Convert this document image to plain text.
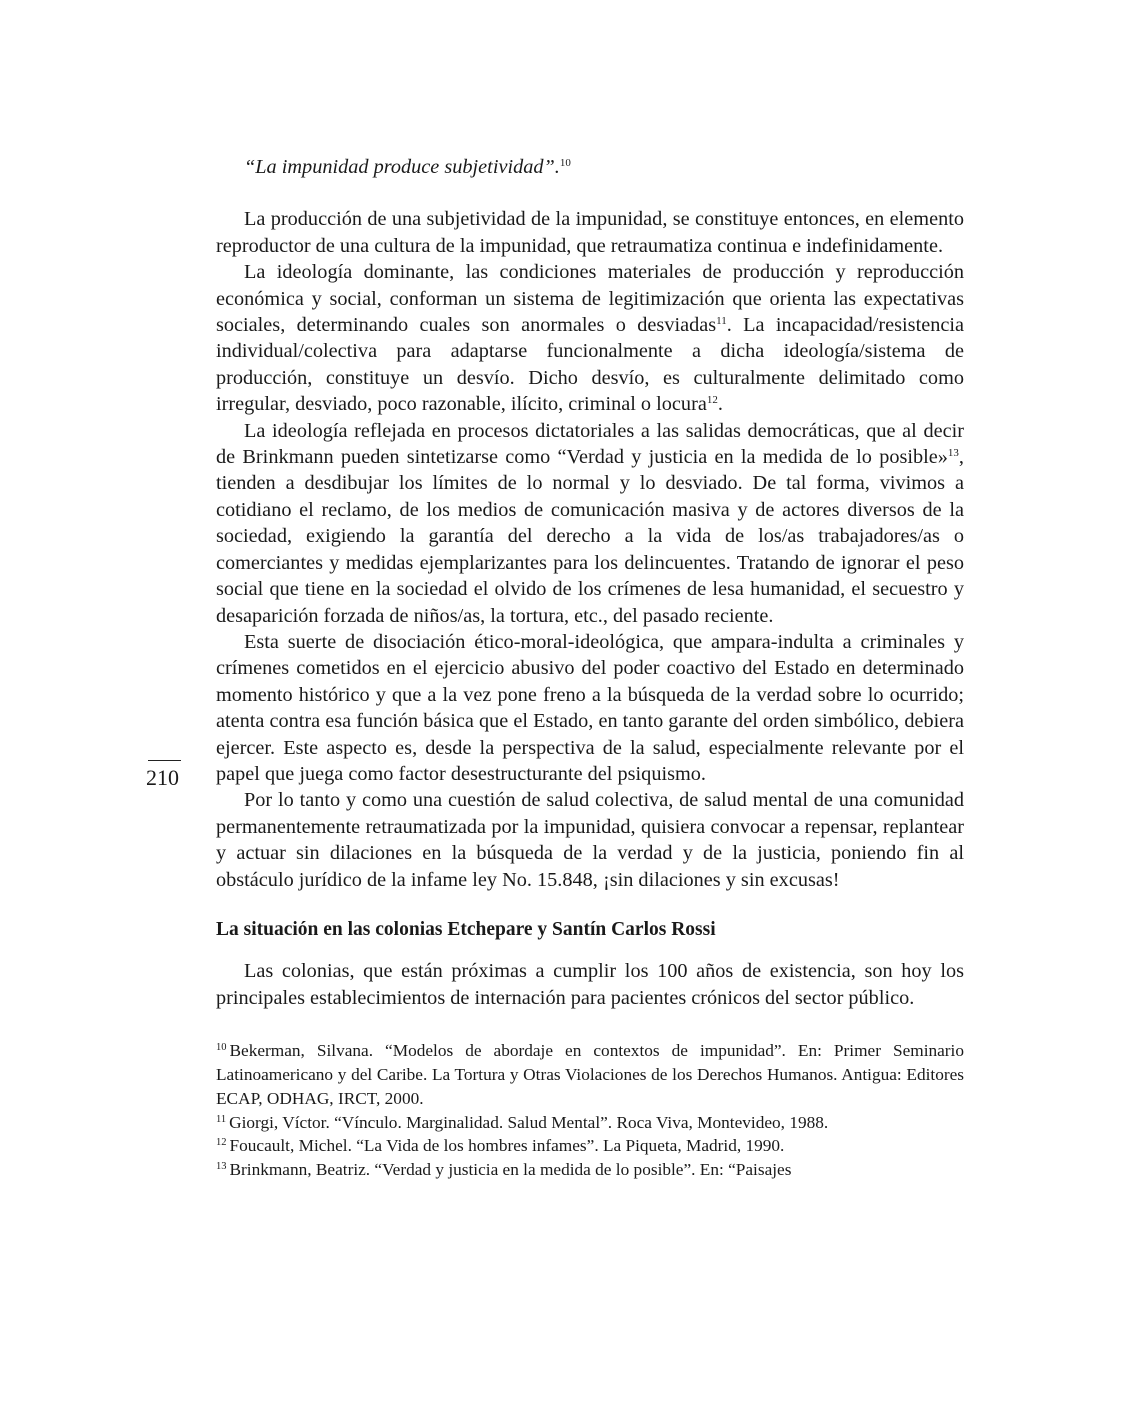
210

“La impunidad produce subjetividad”.$^{10}$

La producción de una subjetividad de la impunidad, se constituye entonces, en elemento reproductor de una cultura de la impunidad, que retraumatiza continua e indefinidamente.

La ideología dominante, las condiciones materiales de producción y reproducción económica y social, conforman un sistema de legitimización que orienta las expectativas sociales, determinando cuales son anormales o desviadas$^{11}$. La incapacidad/resistencia individual/colectiva para adaptarse funcionalmente a dicha ideología/sistema de producción, constituye un desvío. Dicho desvío, es culturalmente delimitado como irregular, desviado, poco razonable, ilícito, criminal o locura$^{12}$.

La ideología reflejada en procesos dictatoriales a las salidas democráticas, que al decir de Brinkmann pueden sintetizarse como “Verdad y justicia en la medida de lo posible»$^{13}$, tienden a desdibujar los límites de lo normal y lo desviado. De tal forma, vivimos a cotidiano el reclamo, de los medios de comunicación masiva y de actores diversos de la sociedad, exigiendo la garantía del derecho a la vida de los/as trabajadores/as o comerciantes y medidas ejemplarizantes para los delincuentes. Tratando de ignorar el peso social que tiene en la sociedad el olvido de los crímenes de lesa humanidad, el secuestro y desaparición forzada de niños/as, la tortura, etc., del pasado reciente.

Esta suerte de disociación ético-moral-ideológica, que ampara-indulta a criminales y crímenes cometidos en el ejercicio abusivo del poder coactivo del Estado en determinado momento histórico y que a la vez pone freno a la búsqueda de la verdad sobre lo ocurrido; atenta contra esa función básica que el Estado, en tanto garante del orden simbólico, debiera ejercer. Este aspecto es, desde la perspectiva de la salud, especialmente relevante por el papel que juega como factor desestructurante del psiquismo.

Por lo tanto y como una cuestión de salud colectiva, de salud mental de una comunidad permanentemente retraumatizada por la impunidad, quisiera convocar a repensar, replantear y actuar sin dilaciones en la búsqueda de la verdad y de la justicia, poniendo fin al obstáculo jurídico de la infame ley No. 15.848, ¡sin dilaciones y sin excusas!

La situación en las colonias Etchepare y Santín Carlos Rossi

Las colonias, que están próximas a cumplir los 100 años de existencia, son hoy los principales establecimientos de internación para pacientes crónicos del sector público.

$^{10}$ Bekerman, Silvana. “Modelos de abordaje en contextos de impunidad”. En: Primer Seminario Latinoamericano y del Caribe. La Tortura y Otras Violaciones de los Derechos Humanos. Antigua: Editores ECAP, ODHAG, IRCT, 2000.

$^{11}$ Giorgi, Víctor. “Vínculo. Marginalidad. Salud Mental”. Roca Viva, Montevideo, 1988.

$^{12}$ Foucault, Michel. “La Vida de los hombres infames”. La Piqueta, Madrid, 1990.

$^{13}$ Brinkmann, Beatriz. “Verdad y justicia en la medida de lo posible”. En: “Paisajes
